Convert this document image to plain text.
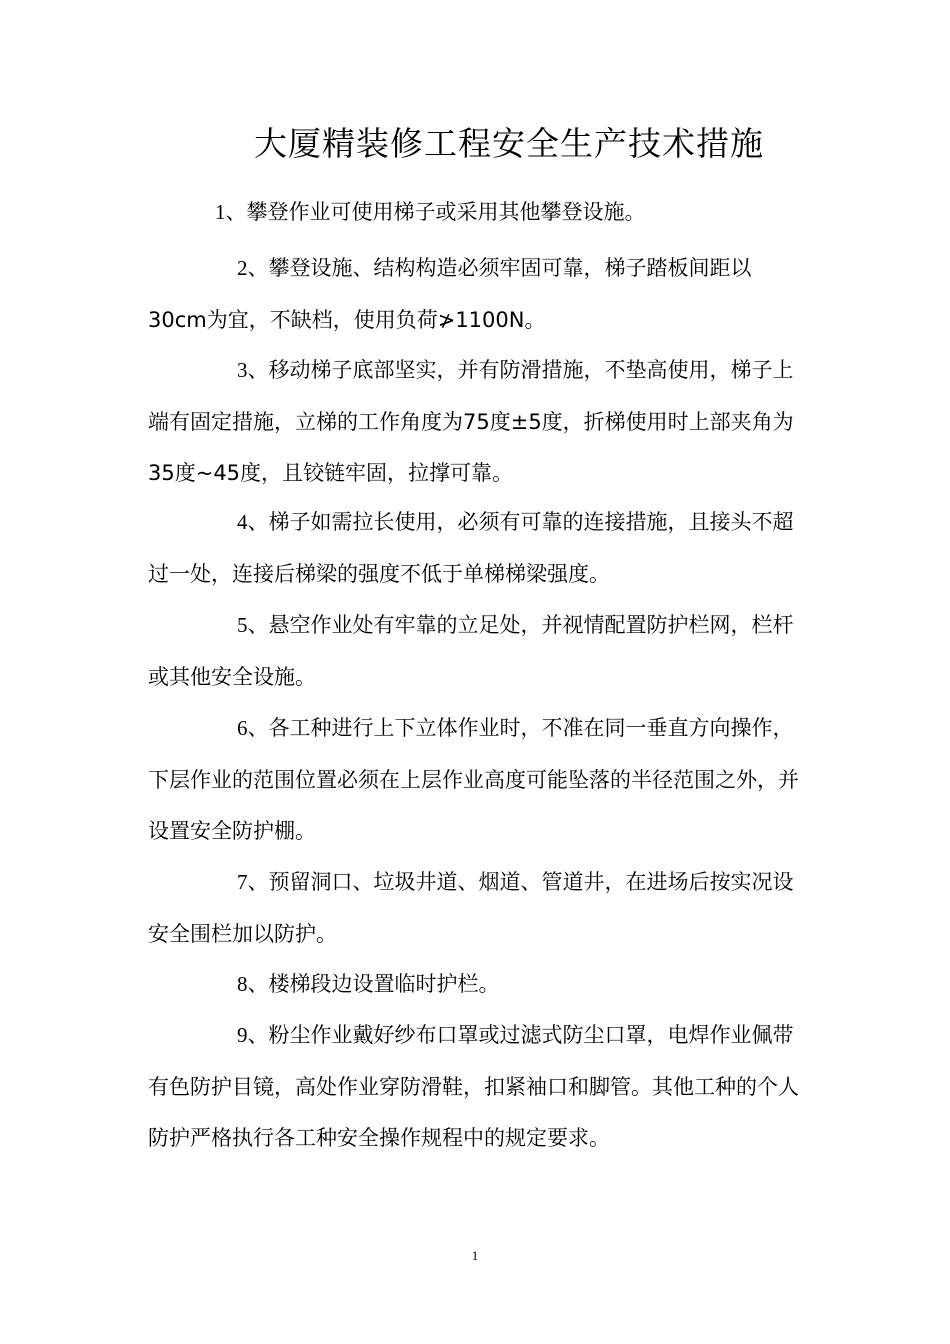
大厦精装修工程安全生产技术措施

1、攀登作业可使用梯子或采用其他攀登设施。

2、攀登设施、结构构造必须牢固可靠，梯子踏板间距以30cm为宜，不缺档，使用负荷≯1100N。

3、移动梯子底部坚实，并有防滑措施，不垫高使用，梯子上端有固定措施，立梯的工作角度为75度±5度，折梯使用时上部夹角为35度~45度，且铰链牢固，拉撑可靠。

4、梯子如需拉长使用，必须有可靠的连接措施，且接头不超过一处，连接后梯梁的强度不低于单梯梯梁强度。

5、悬空作业处有牢靠的立足处，并视情配置防护栏网，栏杆或其他安全设施。

6、各工种进行上下立体作业时，不准在同一垂直方向操作，下层作业的范围位置必须在上层作业高度可能坠落的半径范围之外，并设置安全防护棚。

7、预留洞口、垃圾井道、烟道、管道井，在进场后按实况设安全围栏加以防护。

8、楼梯段边设置临时护栏。

9、粉尘作业戴好纱布口罩或过滤式防尘口罩，电焊作业佩带有色防护目镜，高处作业穿防滑鞋，扣紧袖口和脚管。其他工种的个人防护严格执行各工种安全操作规程中的规定要求。

1
